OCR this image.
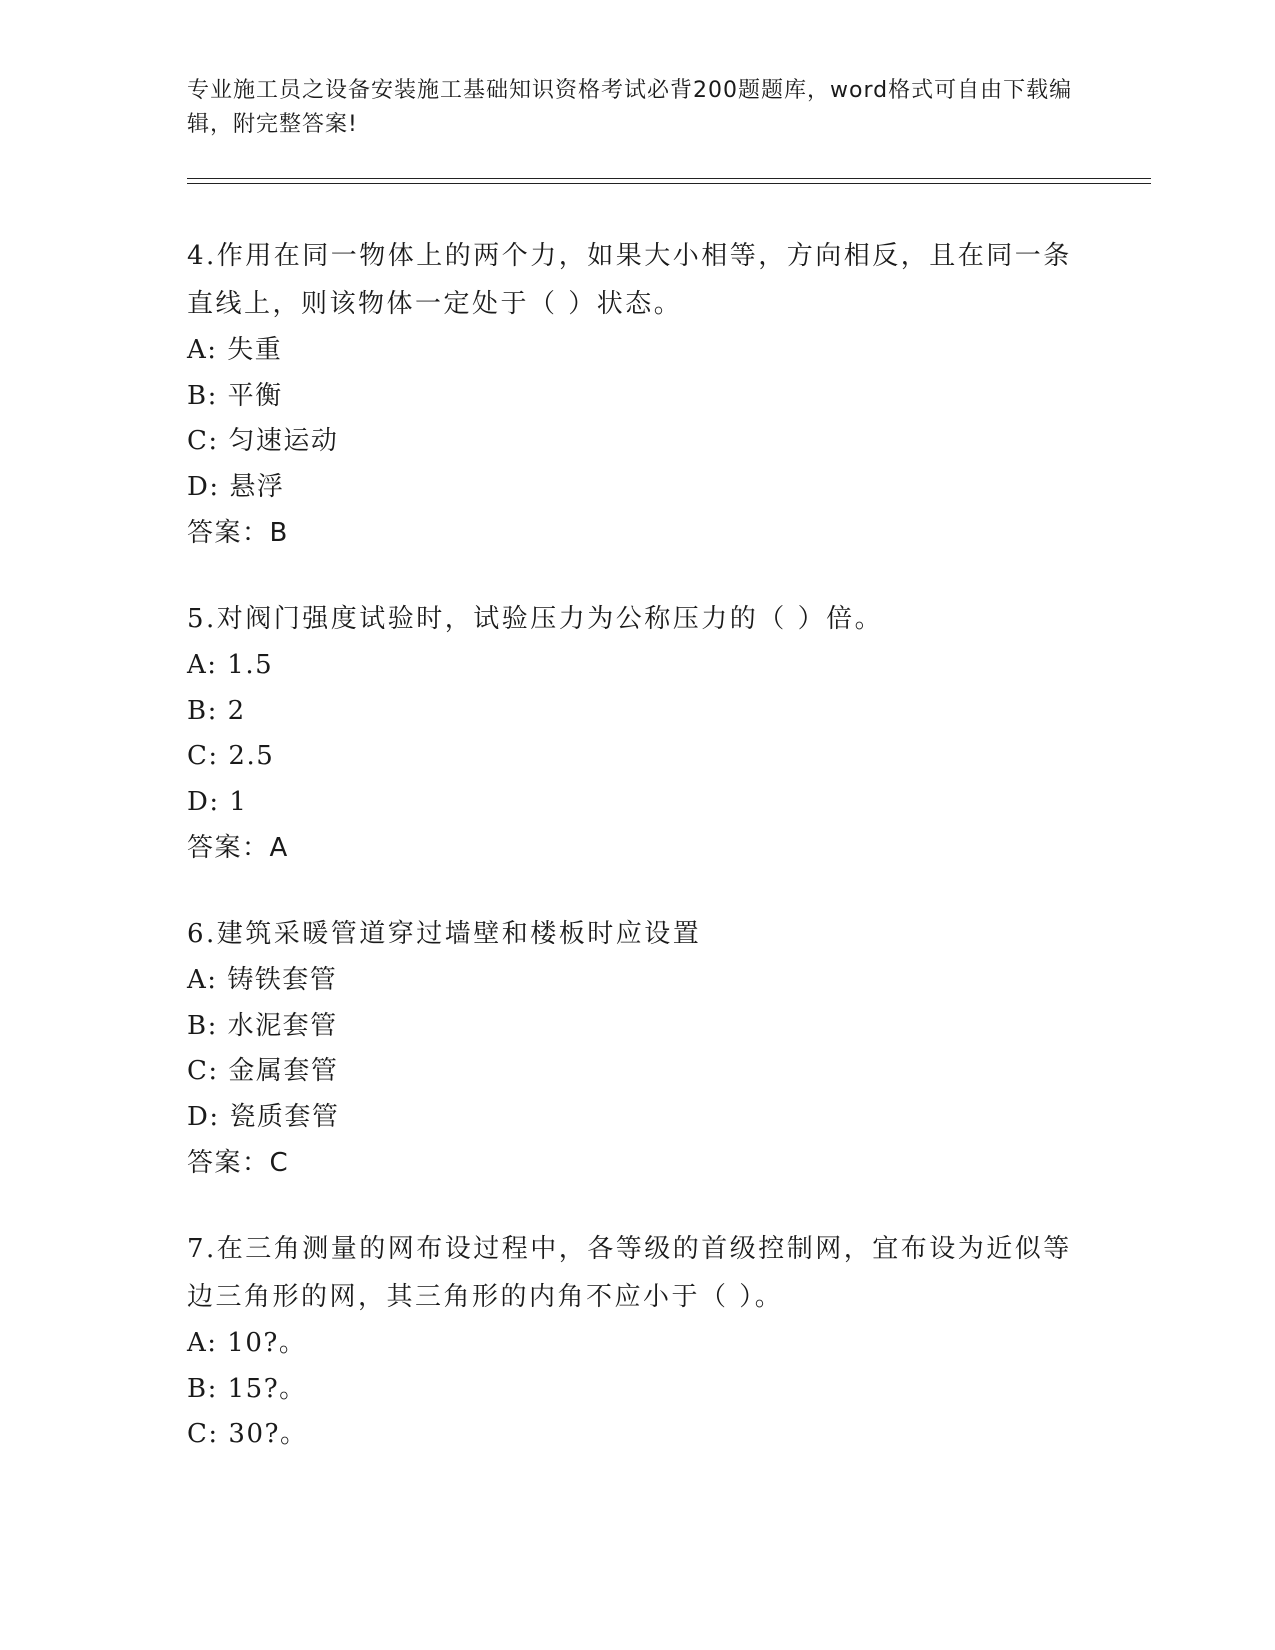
专业施工员之设备安装施工基础知识资格考试必背200题题库，word格式可自由下载编辑，附完整答案!
4.作用在同一物体上的两个力，如果大小相等，方向相反，且在同一条直线上，则该物体一定处于（ ）状态。
A: 失重
B: 平衡
C: 匀速运动
D: 悬浮
答案：B
5.对阀门强度试验时，试验压力为公称压力的（ ）倍。
A: 1.5
B: 2
C: 2.5
D: 1
答案：A
6.建筑采暖管道穿过墙壁和楼板时应设置
A: 铸铁套管
B: 水泥套管
C: 金属套管
D: 瓷质套管
答案：C
7.在三角测量的网布设过程中，各等级的首级控制网，宜布设为近似等边三角形的网，其三角形的内角不应小于（ ）。
A: 10?。
B: 15?。
C: 30?。
